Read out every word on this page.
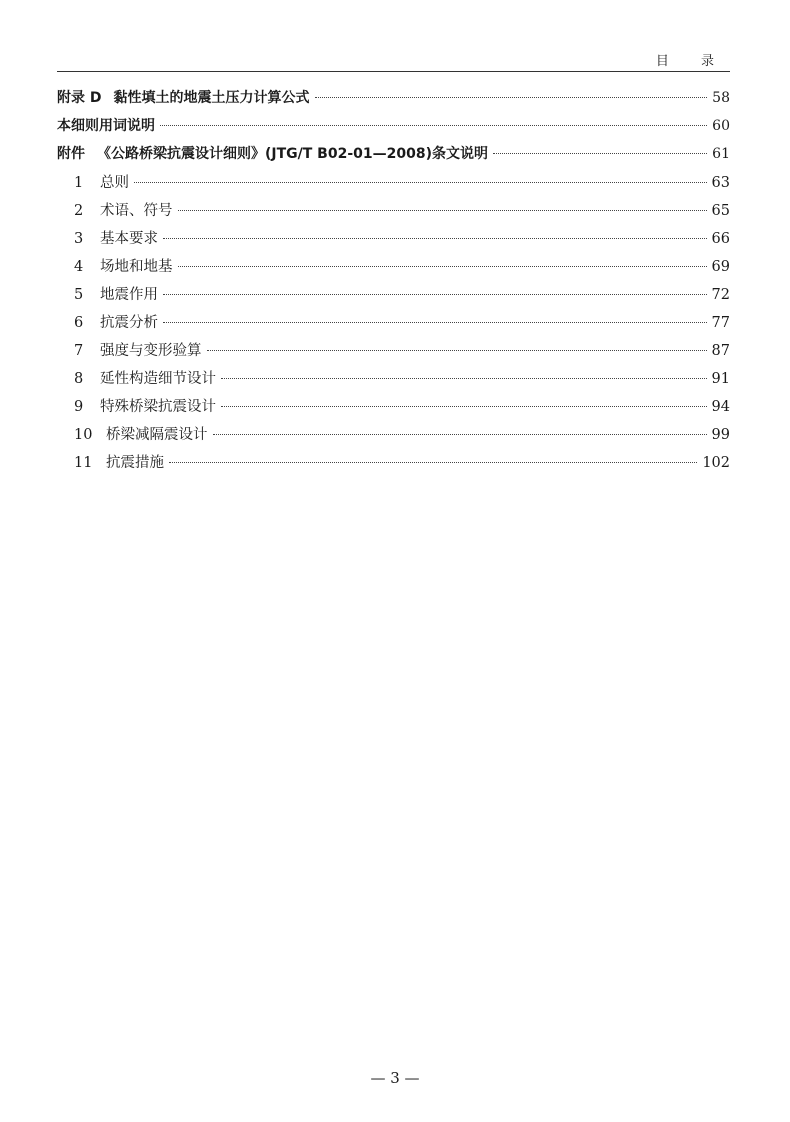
目 录
附录 D 黏性填土的地震土压力计算公式	58
本细则用词说明	60
附件 《公路桥梁抗震设计细则》(JTG/T B02-01—2008)条文说明	61
1	总则	63
2	术语、符号	65
3	基本要求	66
4	场地和地基	69
5	地震作用	72
6	抗震分析	77
7	强度与变形验算	87
8	延性构造细节设计	91
9	特殊桥梁抗震设计	94
10 桥梁减隔震设计	99
11 抗震措施	102
— 3 —
